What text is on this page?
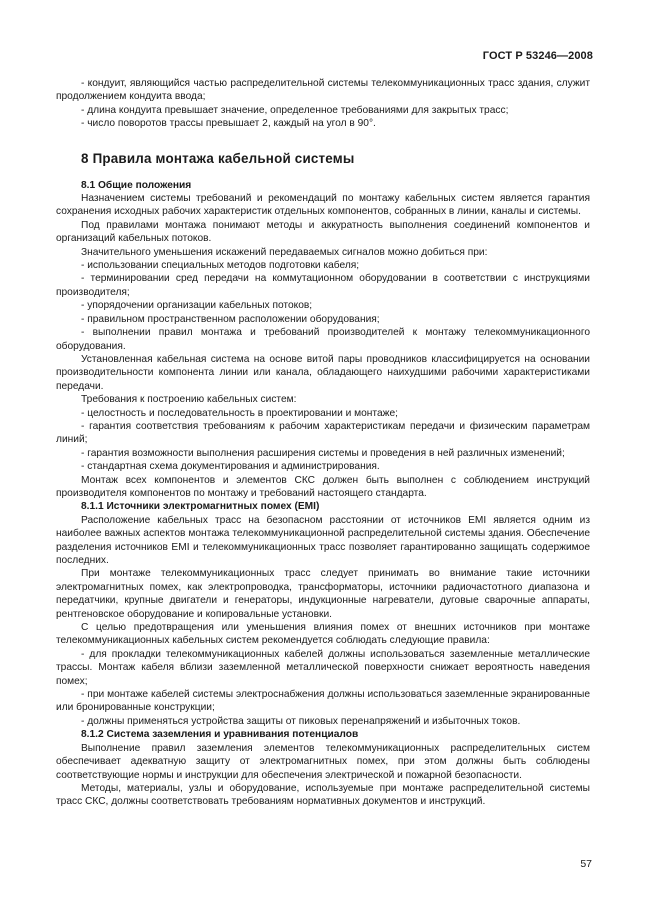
ГОСТ Р 53246—2008

- кондуит, являющийся частью распределительной системы телекоммуникационных трасс здания, служит продолжением кондуита ввода;

- длина кондуита превышает значение, определенное требованиями для закрытых трасс;

- число поворотов трассы превышает 2, каждый на угол в 90°.

8 Правила монтажа кабельной системы
8.1 Общие положения

Назначением системы требований и рекомендаций по монтажу кабельных систем является гарантия сохранения исходных рабочих характеристик отдельных компонентов, собранных в линии, каналы и системы.

Под правилами монтажа понимают методы и аккуратность выполнения соединений компонентов и организаций кабельных потоков.

Значительного уменьшения искажений передаваемых сигналов можно добиться при:

- использовании специальных методов подготовки кабеля;

- терминировании сред передачи на коммутационном оборудовании в соответствии с инструкциями производителя;

- упорядочении организации кабельных потоков;

- правильном пространственном расположении оборудования;

- выполнении правил монтажа и требований производителей к монтажу телекоммуникационного оборудования.

Установленная кабельная система на основе витой пары проводников классифицируется на основании производительности компонента линии или канала, обладающего наихудшими рабочими характеристиками передачи.

Требования к построению кабельных систем:

- целостность и последовательность в проектировании и монтаже;

- гарантия соответствия требованиям к рабочим характеристикам передачи и физическим параметрам линий;

- гарантия возможности выполнения расширения системы и проведения в ней различных изменений;

- стандартная схема документирования и администрирования.

Монтаж всех компонентов и элементов СКС должен быть выполнен с соблюдением инструкций производителя компонентов по монтажу и требований настоящего стандарта.

8.1.1 Источники электромагнитных помех (EMI)

Расположение кабельных трасс на безопасном расстоянии от источников EMI является одним из наиболее важных аспектов монтажа телекоммуникационной распределительной системы здания. Обеспечение разделения источников EMI и телекоммуникационных трасс позволяет гарантированно защищать содержимое последних.

При монтаже телекоммуникационных трасс следует принимать во внимание такие источники электромагнитных помех, как электропроводка, трансформаторы, источники радиочастотного диапазона и передатчики, крупные двигатели и генераторы, индукционные нагреватели, дуговые сварочные аппараты, рентгеновское оборудование и копировальные установки.

С целью предотвращения или уменьшения влияния помех от внешних источников при монтаже телекоммуникационных кабельных систем рекомендуется соблюдать следующие правила:

- для прокладки телекоммуникационных кабелей должны использоваться заземленные металлические трассы. Монтаж кабеля вблизи заземленной металлической поверхности снижает вероятность наведения помех;

- при монтаже кабелей системы электроснабжения должны использоваться заземленные экранированные или бронированные конструкции;

- должны применяться устройства защиты от пиковых перенапряжений и избыточных токов.

8.1.2 Система заземления и уравнивания потенциалов

Выполнение правил заземления элементов телекоммуникационных распределительных систем обеспечивает адекватную защиту от электромагнитных помех, при этом должны быть соблюдены соответствующие нормы и инструкции для обеспечения электрической и пожарной безопасности.

Методы, материалы, узлы и оборудование, используемые при монтаже распределительной системы трасс СКС, должны соответствовать требованиям нормативных документов и инструкций.

57
